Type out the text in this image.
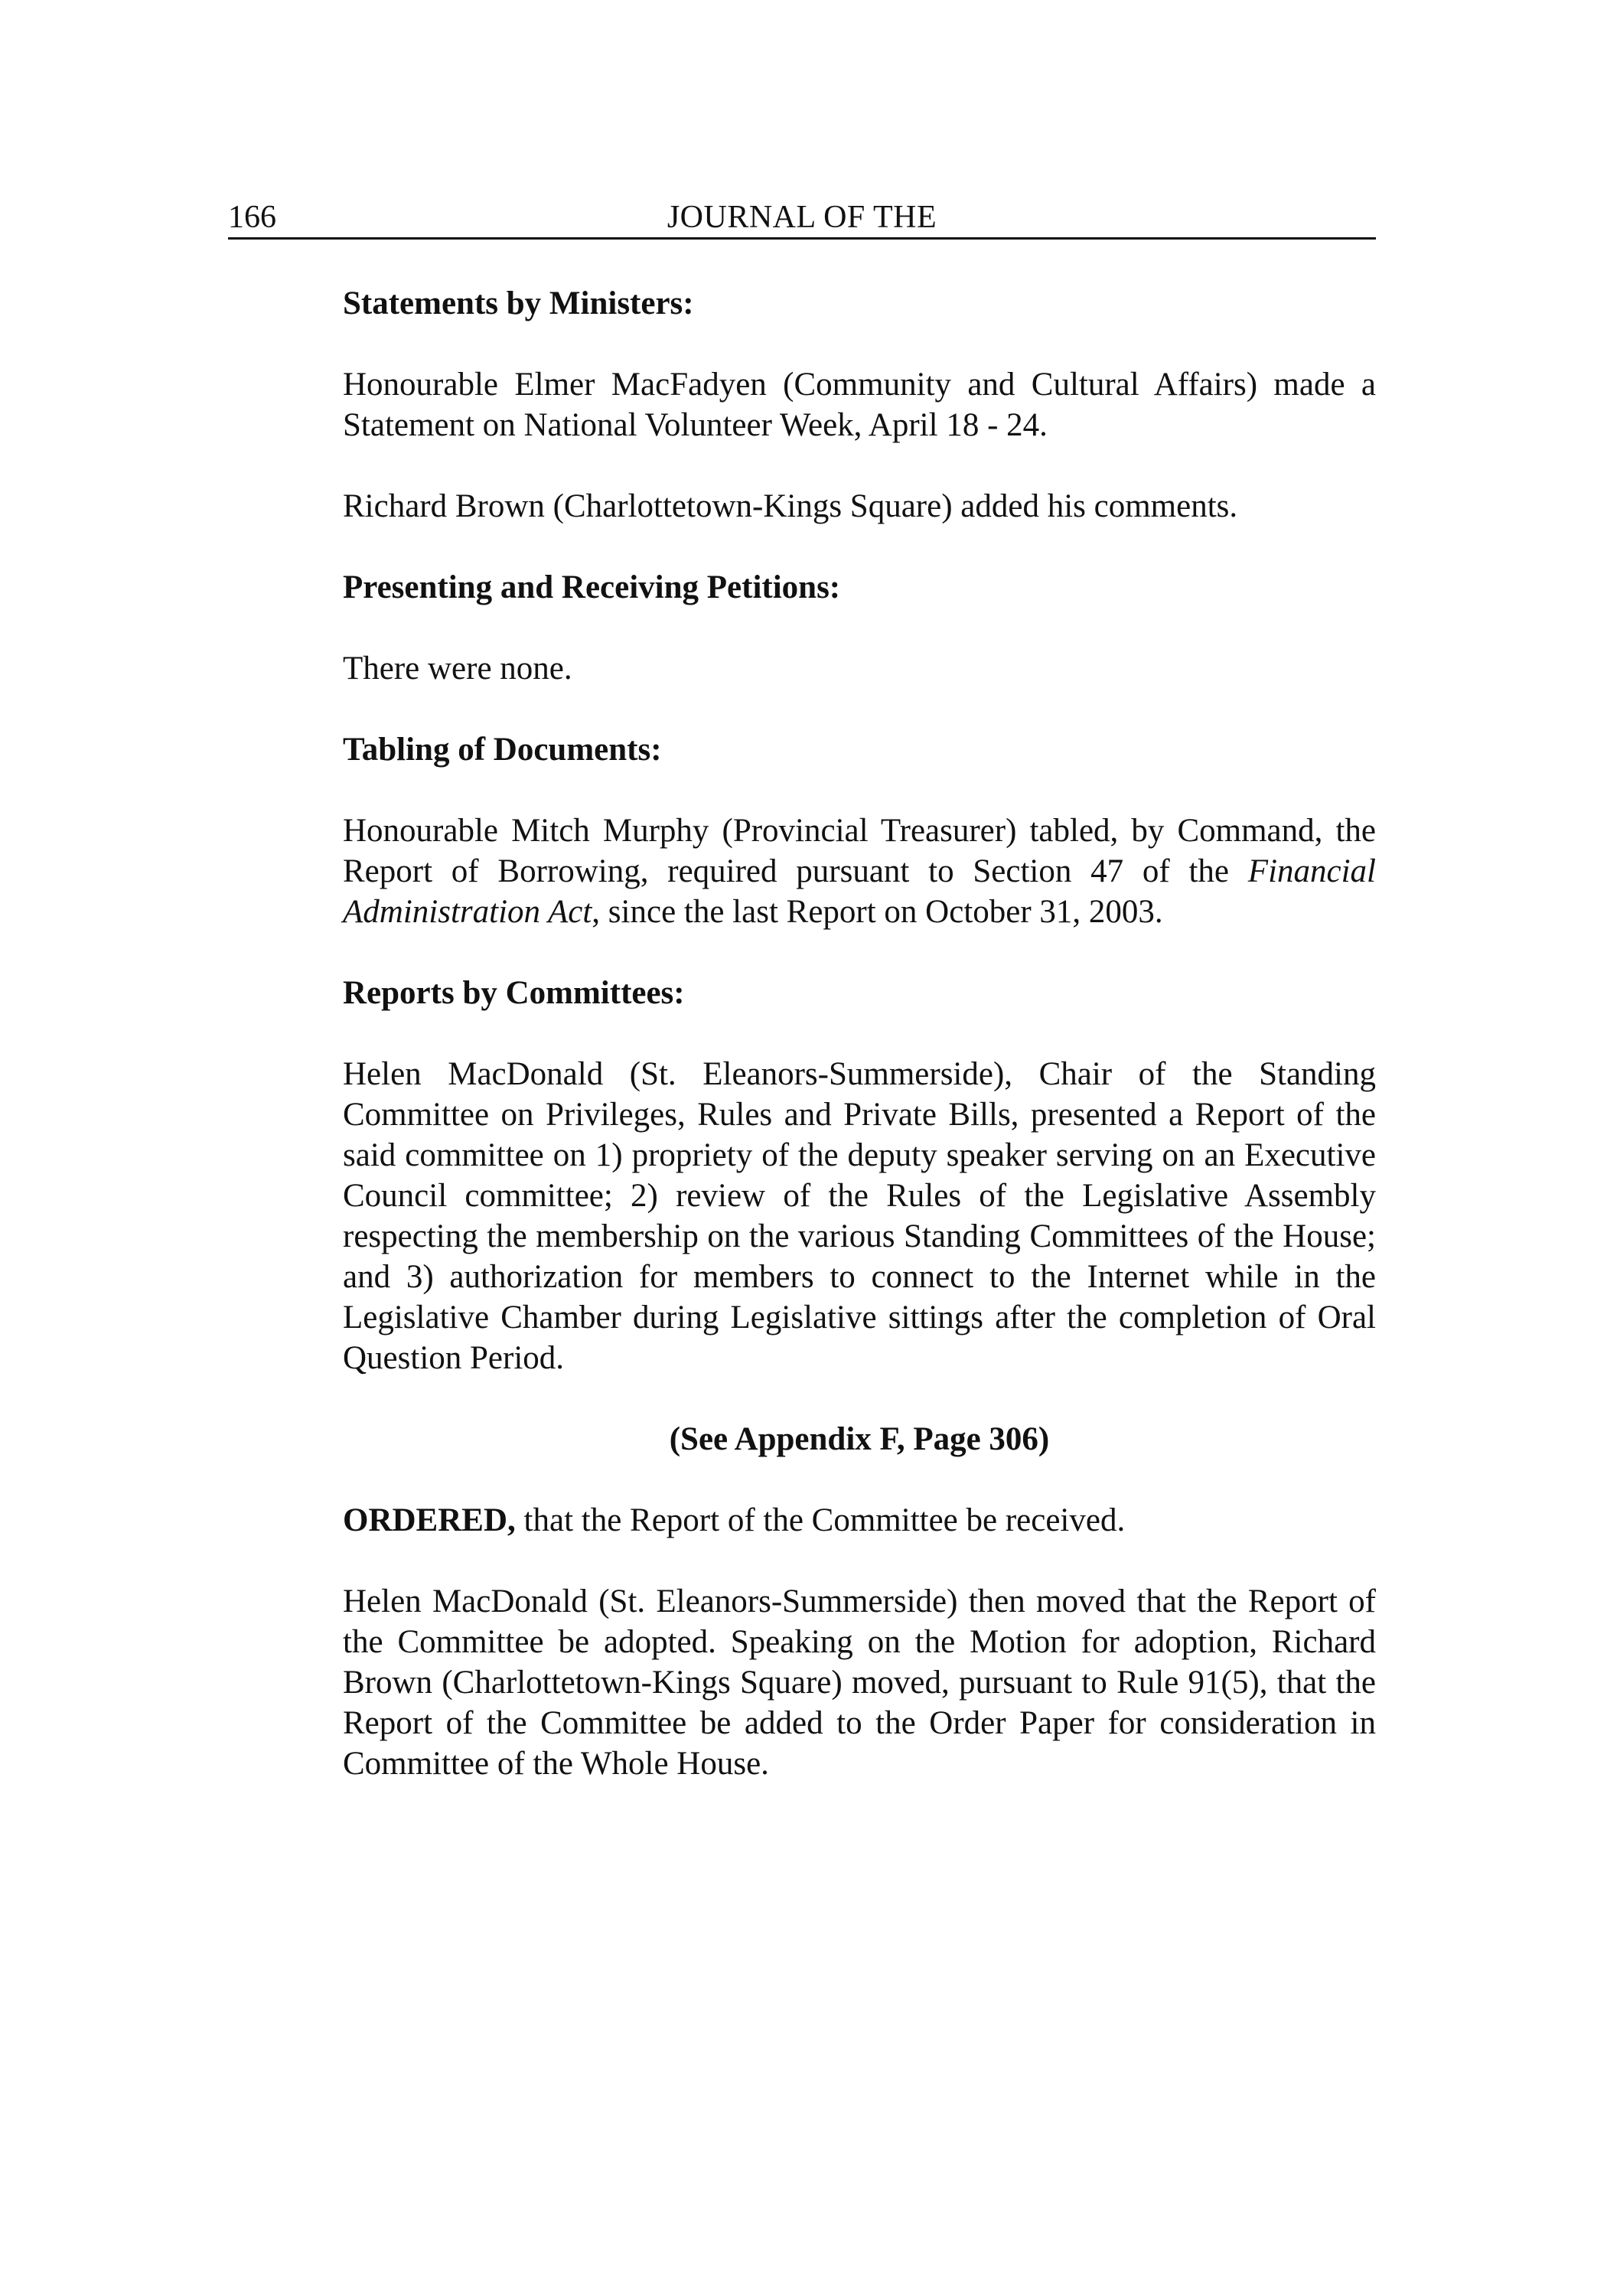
166	JOURNAL OF THE
Statements by Ministers:

Honourable Elmer MacFadyen (Community and Cultural Affairs) made a Statement on National Volunteer Week, April 18 - 24.

Richard Brown (Charlottetown-Kings Square) added his comments.

Presenting and Receiving Petitions:

There were none.

Tabling of Documents:

Honourable Mitch Murphy (Provincial Treasurer) tabled, by Command, the Report of Borrowing, required pursuant to Section 47 of the Financial Administration Act, since the last Report on October 31, 2003.

Reports by Committees:

Helen MacDonald (St. Eleanors-Summerside), Chair of the Standing Committee on Privileges, Rules and Private Bills, presented a Report of the said committee on 1) propriety of the deputy speaker serving on an Executive Council committee; 2) review of the Rules of the Legislative Assembly respecting the membership on the various Standing Committees of the House; and 3) authorization for members to connect to the Internet while in the Legislative Chamber during Legislative sittings after the completion of Oral Question Period.

(See Appendix F, Page 306)

ORDERED, that the Report of the Committee be received.

Helen MacDonald (St. Eleanors-Summerside) then moved that the Report of the Committee be adopted. Speaking on the Motion for adoption, Richard Brown (Charlottetown-Kings Square) moved, pursuant to Rule 91(5), that the Report of the Committee be added to the Order Paper for consideration in Committee of the Whole House.
